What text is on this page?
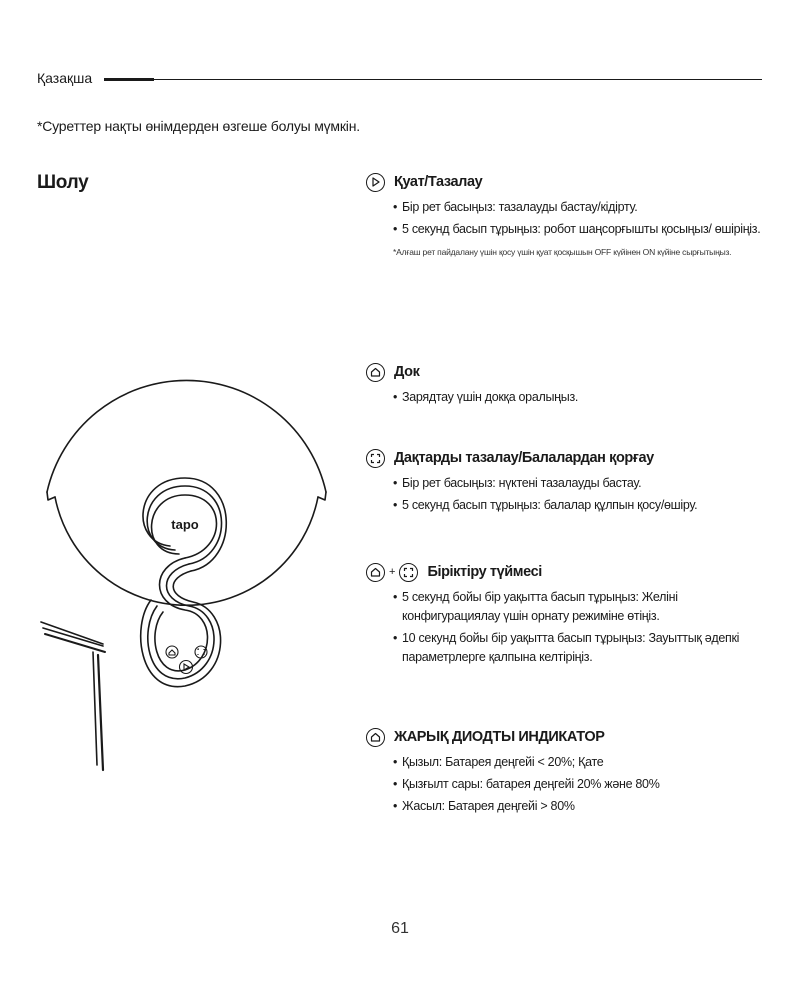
Қазақша
*Суреттер нақты өнімдерден өзгеше болуы мүмкін.
Шолу
tapo
Қуат/Тазалау
• Бір рет басыңыз: тазалауды бастау/кідірту.
• 5 секунд басып тұрыңыз: робот шаңсорғышты қосыңыз/ өшіріңіз.
*Алғаш рет пайдалану үшін қосу үшін қуат қосқышын OFF күйінен ON күйіне сырғытыңыз.
Док
• Зарядтау үшін докқа оралыңыз.
Дақтарды тазалау/Балалардан қорғау
• Бір рет басыңыз: нүктені тазалауды бастау.
• 5 секунд басып тұрыңыз: балалар құлпын қосу/өшіру.
+ Біріктіру түймесі
• 5 секунд бойы бір уақытта басып тұрыңыз: Желіні конфигурациялау үшін орнату режиміне өтіңіз.
• 10 секунд бойы бір уақытта басып тұрыңыз: Зауыттық әдепкі параметрлерге қалпына келтіріңіз.
ЖАРЫҚ ДИОДТЫ ИНДИКАТОР
• Қызыл: Батарея деңгейі < 20%; Қате
• Қызғылт сары: батарея деңгейі 20% және 80%
• Жасыл: Батарея деңгейі > 80%
61
